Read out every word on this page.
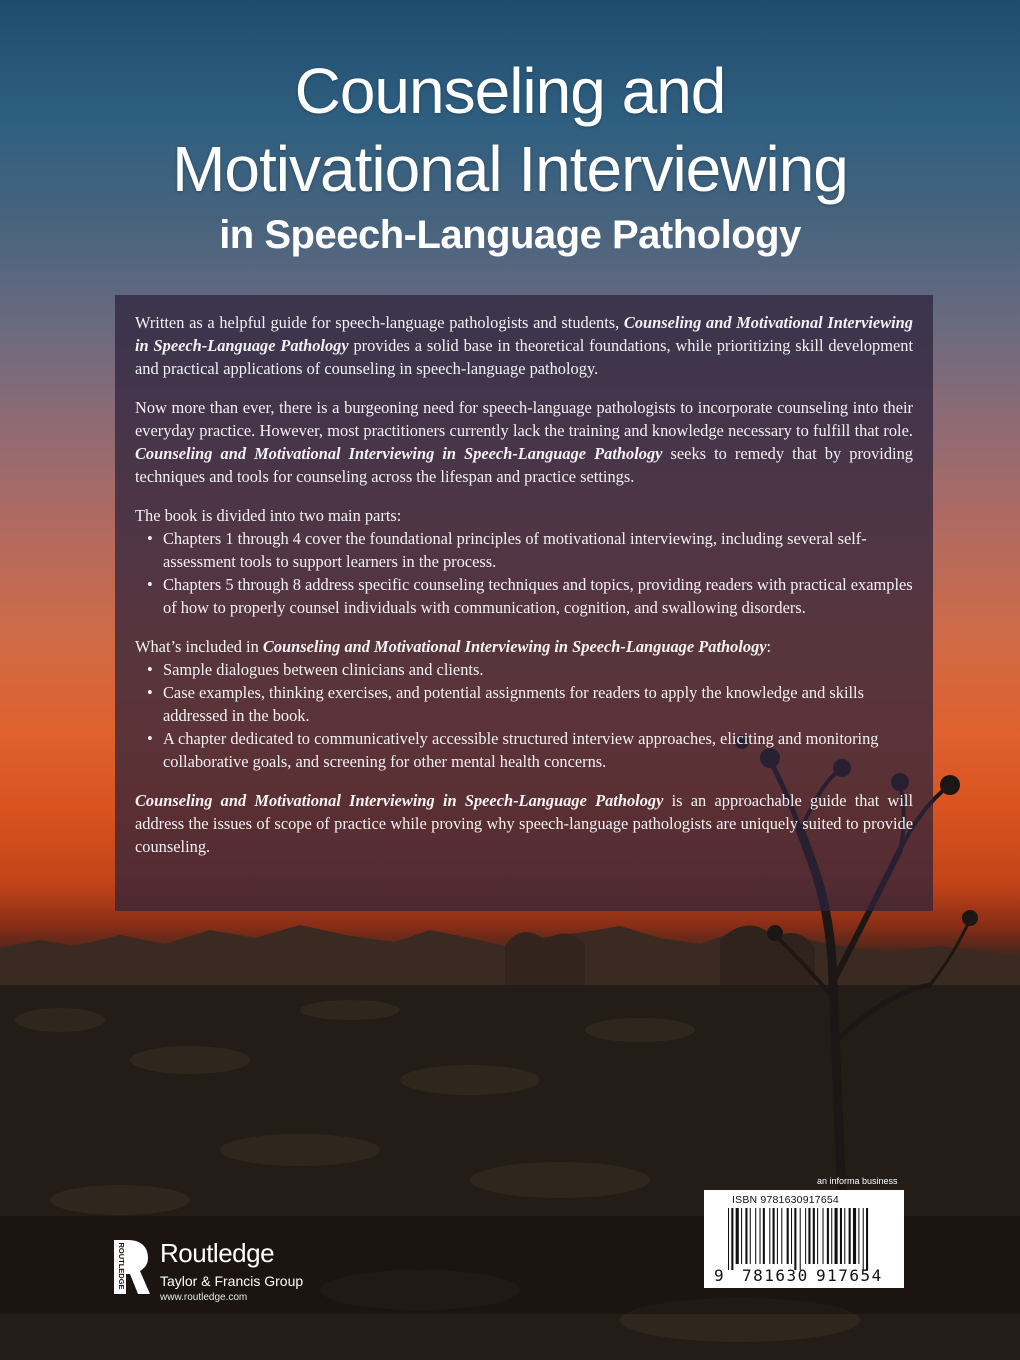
Counseling and
Motivational Interviewing
in Speech-Language Pathology

Written as a helpful guide for speech-language pathologists and students, Counseling and Motivational Interviewing in Speech-Language Pathology provides a solid base in theoretical foundations, while prioritizing skill development and practical applications of counseling in speech-language pathology.

Now more than ever, there is a burgeoning need for speech-language pathologists to incorporate counseling into their everyday practice. However, most practitioners currently lack the training and knowledge necessary to fulfill that role. Counseling and Motivational Interviewing in Speech-Language Pathology seeks to remedy that by providing techniques and tools for counseling across the lifespan and practice settings.

The book is divided into two main parts:

• Chapters 1 through 4 cover the foundational principles of motivational interviewing, including several self-assessment tools to support learners in the process.
• Chapters 5 through 8 address specific counseling techniques and topics, providing readers with practical examples of how to properly counsel individuals with communication, cognition, and swallowing disorders.

What’s included in Counseling and Motivational Interviewing in Speech-Language Pathology:

• Sample dialogues between clinicians and clients.
• Case examples, thinking exercises, and potential assignments for readers to apply the knowledge and skills addressed in the book.
• A chapter dedicated to communicatively accessible structured interview approaches, eliciting and monitoring collaborative goals, and screening for other mental health concerns.

Counseling and Motivational Interviewing in Speech-Language Pathology is an approachable guide that will address the issues of scope of practice while proving why speech-language pathologists are uniquely suited to provide counseling.

ROUTLEDGE Routledge
Taylor & Francis Group
www.routledge.com
an informa business
ISBN 9781630917654
9 781630 917654
